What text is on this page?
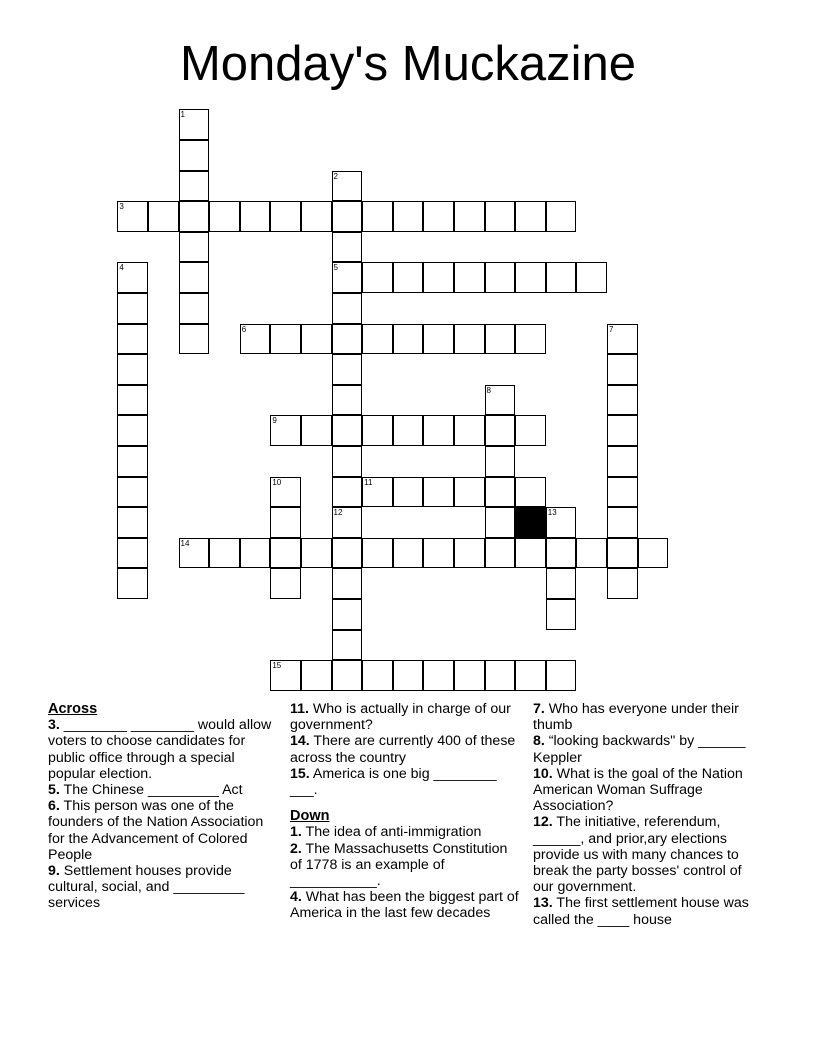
Monday's Muckazine
3
5
6
9
11
14
15
1
2
12
4
7
8
10
13

Across

3. ________ ________ would allow voters to choose candidates for public office through a special popular election.

5. The Chinese _________ Act

6. This person was one of the founders of the Nation Association for the Advancement of Colored People

9. Settlement houses provide cultural, social, and _________ services

11. Who is actually in charge of our government?

14. There are currently 400 of these across the country

15. America is one big ________ ___.

Down

1. The idea of anti-immigration

2. The Massachusetts Constitution of 1778 is an example of ___________.

4. What has been the biggest part of America in the last few decades

7. Who has everyone under their thumb

8. “looking backwards" by ______ Keppler

10. What is the goal of the Nation American Woman Suffrage Association?

12. The initiative, referendum, ______, and prior,ary elections provide us with many chances to break the party bosses' control of our government.

13. The first settlement house was called the ____ house
